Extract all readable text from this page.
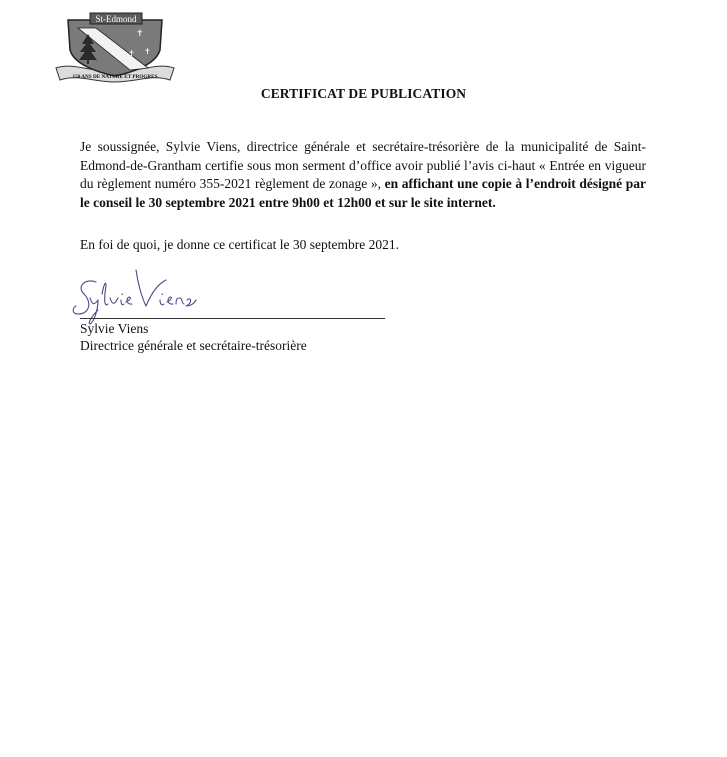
St-Edmond
✝
✝
✝
150 ANS DE NATURE ET PROGRES
CERTIFICAT DE PUBLICATION
Je soussignée, Sylvie Viens, directrice générale et secrétaire-trésorière de la municipalité de Saint-Edmond-de-Grantham certifie sous mon serment d’office avoir publié l’avis ci-haut « Entrée en vigueur du règlement numéro 355-2021 règlement de zonage », en affichant une copie à l’endroit désigné par le conseil le 30 septembre 2021 entre 9h00 et 12h00 et sur le site internet.
En foi de quoi, je donne ce certificat le 30 septembre 2021.
Sylvie Viens
Directrice générale et secrétaire-trésorière
